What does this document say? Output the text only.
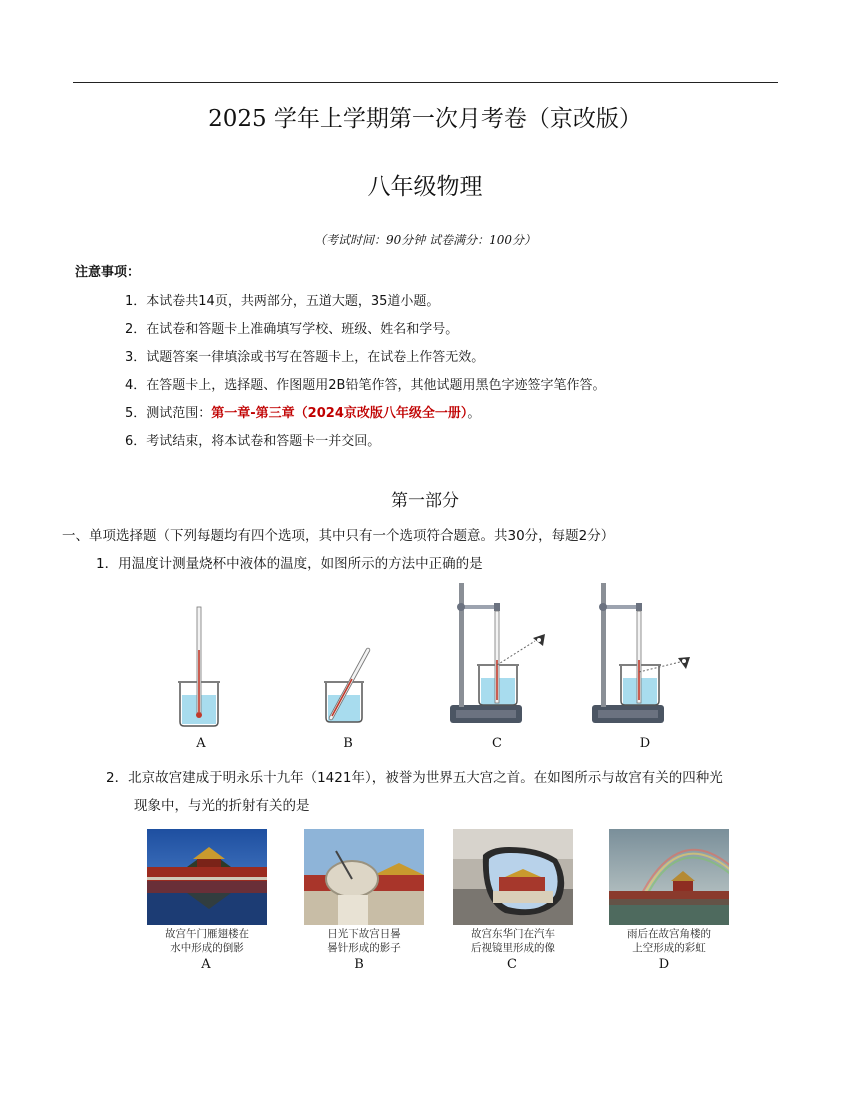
2025 学年上学期第一次月考卷（京改版）
八年级物理
（考试时间：90分钟 试卷满分：100分）
注意事项：
1．本试卷共14页，共两部分，五道大题，35道小题。
2．在试卷和答题卡上准确填写学校、班级、姓名和学号。
3．试题答案一律填涂或书写在答题卡上，在试卷上作答无效。
4．在答题卡上，选择题、作图题用2B铅笔作答，其他试题用黑色字迹签字笔作答。
5．测试范围：第一章-第三章（2024京改版八年级全一册）。
6．考试结束，将本试卷和答题卡一并交回。
第一部分
一、单项选择题（下列每题均有四个选项，其中只有一个选项符合题意。共30分，每题2分）
1．用温度计测量烧杯中液体的温度，如图所示的方法中正确的是
A	B	C	D
2．北京故宫建成于明永乐十九年（1421年），被誉为世界五大宫之首。在如图所示与故宫有关的四种光
现象中，与光的折射有关的是
故宫午门雁翅楼在
水中形成的倒影
日光下故宫日晷
晷针形成的影子
故宫东华门在汽车
后视镜里形成的像
雨后在故宫角楼的
上空形成的彩虹
A	B	C	D
